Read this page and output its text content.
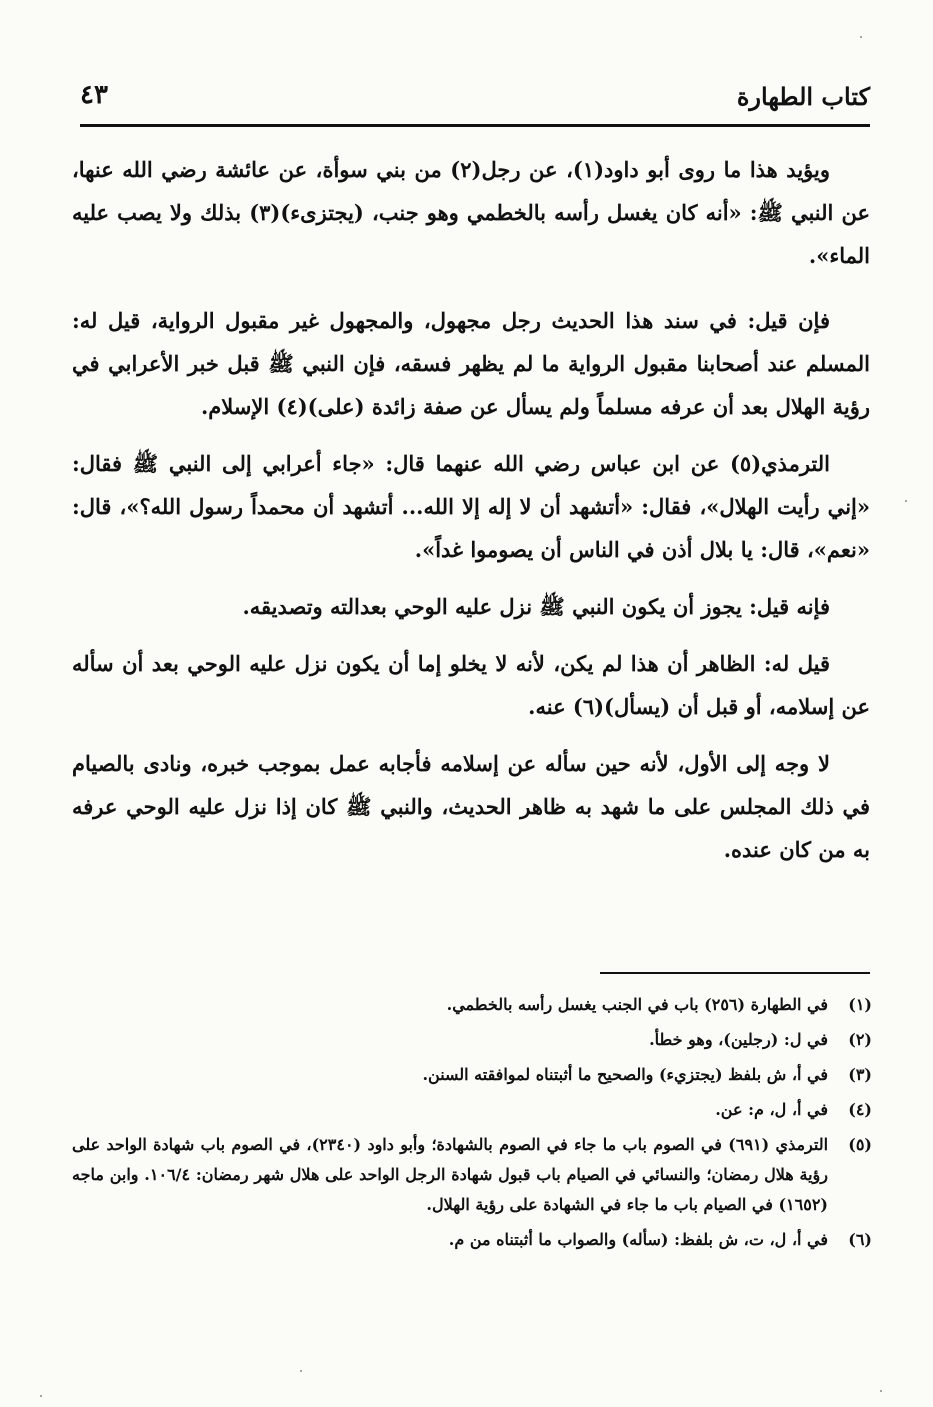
كتاب الطهارة
٤٣

ويؤيد هذا ما روى أبو داود(١)، عن رجل(٢) من بني سوأة، عن عائشة رضي الله عنها، عن النبي ﷺ: «أنه كان يغسل رأسه بالخطمي وهو جنب، (يجتزىء)(٣) بذلك ولا يصب عليه الماء».

فإن قيل: في سند هذا الحديث رجل مجهول، والمجهول غير مقبول الرواية، قيل له: المسلم عند أصحابنا مقبول الرواية ما لم يظهر فسقه، فإن النبي ﷺ قبل خبر الأعرابي في رؤية الهلال بعد أن عرفه مسلماً ولم يسأل عن صفة زائدة (على)(٤) الإسلام.

الترمذي(٥) عن ابن عباس رضي الله عنهما قال: «جاء أعرابي إلى النبي ﷺ فقال: «إني رأيت الهلال»، فقال: «أتشهد أن لا إله إلا الله... أتشهد أن محمداً رسول الله؟»، قال: «نعم»، قال: يا بلال أذن في الناس أن يصوموا غداً».

فإنه قيل: يجوز أن يكون النبي ﷺ نزل عليه الوحي بعدالته وتصديقه.

قيل له: الظاهر أن هذا لم يكن، لأنه لا يخلو إما أن يكون نزل عليه الوحي بعد أن سأله عن إسلامه، أو قبل أن (يسأل)(٦) عنه.

لا وجه إلى الأول، لأنه حين سأله عن إسلامه فأجابه عمل بموجب خبره، ونادى بالصيام في ذلك المجلس على ما شهد به ظاهر الحديث، والنبي ﷺ كان إذا نزل عليه الوحي عرفه به من كان عنده.

(١)
في الطهارة (٢٥٦) باب في الجنب يغسل رأسه بالخطمي.
(٢)
في ل: (رجلين)، وهو خطأ.
(٣)
في أ، ش بلفظ (يجتزيء) والصحيح ما أثبتناه لموافقته السنن.
(٤)
في أ، ل، م: عن.
(٥)
الترمذي (٦٩١) في الصوم باب ما جاء في الصوم بالشهادة؛ وأبو داود (٢٣٤٠)، في الصوم باب شهادة الواحد على رؤية هلال رمضان؛ والنسائي في الصيام باب قبول شهادة الرجل الواحد على هلال شهر رمضان: ١٠٦/٤. وابن ماجه (١٦٥٢) في الصيام باب ما جاء في الشهادة على رؤية الهلال.
(٦)
في أ، ل، ت، ش بلفظ: (سأله) والصواب ما أثبتناه من م.
